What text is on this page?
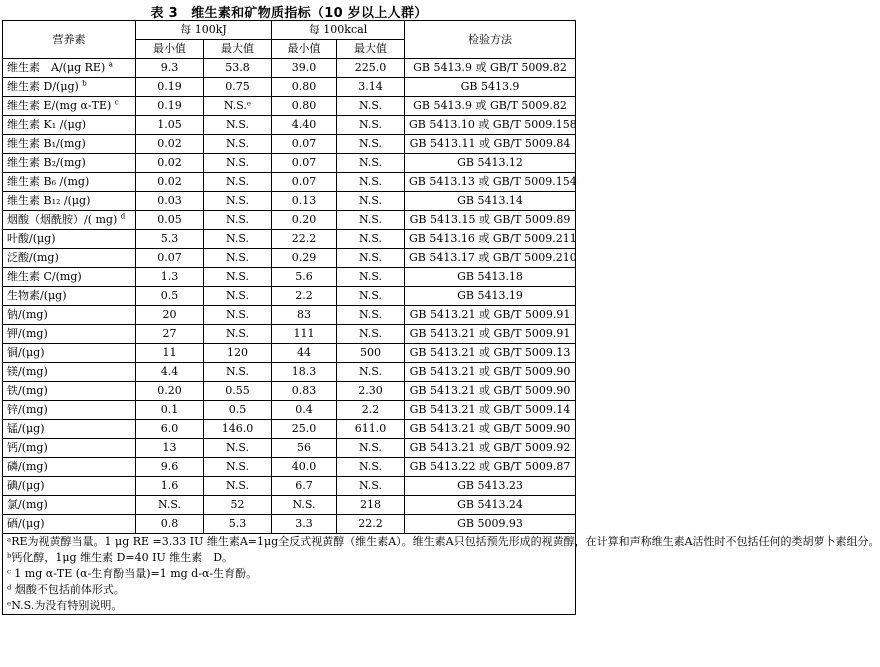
表 3　维生素和矿物质指标（10 岁以上人群）
营养素	每 100kJ		每 100kcal		检验方法
	最小值	最大值	最小值	最大值	
维生素　A/(μg RE) $^a$	9.3	53.8	39.0	225.0	GB 5413.9 或 GB/T 5009.82
维生素 D/(μg) $^b$	0.19	0.75	0.80	3.14	GB 5413.9
维生素 E/(mg α-TE) $^c$	0.19	N.S.ᵉ	0.80	N.S.	GB 5413.9 或 GB/T 5009.82
维生素 K₁ /(μg)	1.05	N.S.	4.40	N.S.	GB 5413.10 或 GB/T 5009.158
维生素 B₁/(mg)	0.02	N.S.	0.07	N.S.	GB 5413.11 或 GB/T 5009.84
维生素 B₂/(mg)	0.02	N.S.	0.07	N.S.	GB 5413.12
维生素 B₆ /(mg)	0.02	N.S.	0.07	N.S.	GB 5413.13 或 GB/T 5009.154
维生素 B₁₂ /(μg)	0.03	N.S.	0.13	N.S.	GB 5413.14
烟酸（烟酰胺）/( mg) $^d$	0.05	N.S.	0.20	N.S.	GB 5413.15 或 GB/T 5009.89
叶酸/(μg)	5.3	N.S.	22.2	N.S.	GB 5413.16 或 GB/T 5009.211
泛酸/(mg)	0.07	N.S.	0.29	N.S.	GB 5413.17 或 GB/T 5009.210
维生素 C/(mg)	1.3	N.S.	5.6	N.S.	GB 5413.18
生物素/(μg)	0.5	N.S.	2.2	N.S.	GB 5413.19
钠/(mg)	20	N.S.	83	N.S.	GB 5413.21 或 GB/T 5009.91
钾/(mg)	27	N.S.	111	N.S.	GB 5413.21 或 GB/T 5009.91
铜/(μg)	11	120	44	500	GB 5413.21 或 GB/T 5009.13
镁/(mg)	4.4	N.S.	18.3	N.S.	GB 5413.21 或 GB/T 5009.90
铁/(mg)	0.20	0.55	0.83	2.30	GB 5413.21 或 GB/T 5009.90
锌/(mg)	0.1	0.5	0.4	2.2	GB 5413.21 或 GB/T 5009.14
锰/(μg)	6.0	146.0	25.0	611.0	GB 5413.21 或 GB/T 5009.90
钙/(mg)	13	N.S.	56	N.S.	GB 5413.21 或 GB/T 5009.92
磷/(mg)	9.6	N.S.	40.0	N.S.	GB 5413.22 或 GB/T 5009.87
碘/(μg)	1.6	N.S.	6.7	N.S.	GB 5413.23
氯/(mg)	N.S.	52	N.S.	218	GB 5413.24
硒/(μg)	0.8	5.3	3.3	22.2	GB 5009.93

ᵃRE为视黄醇当量。1 μg RE =3.33 IU 维生素A=1μg全反式视黄醇（维生素A）。维生素A只包括预先形成的视黄醇，在计算和声称维生素A活性时不包括任何的类胡萝卜素组分。
ᵇ钙化醇，1μg 维生素 D=40 IU 维生素　D。
ᶜ 1 mg α-TE (α-生育酚当量)=1 mg d-α-生育酚。
ᵈ 烟酸不包括前体形式。
ᵉN.S.为没有特别说明。					
